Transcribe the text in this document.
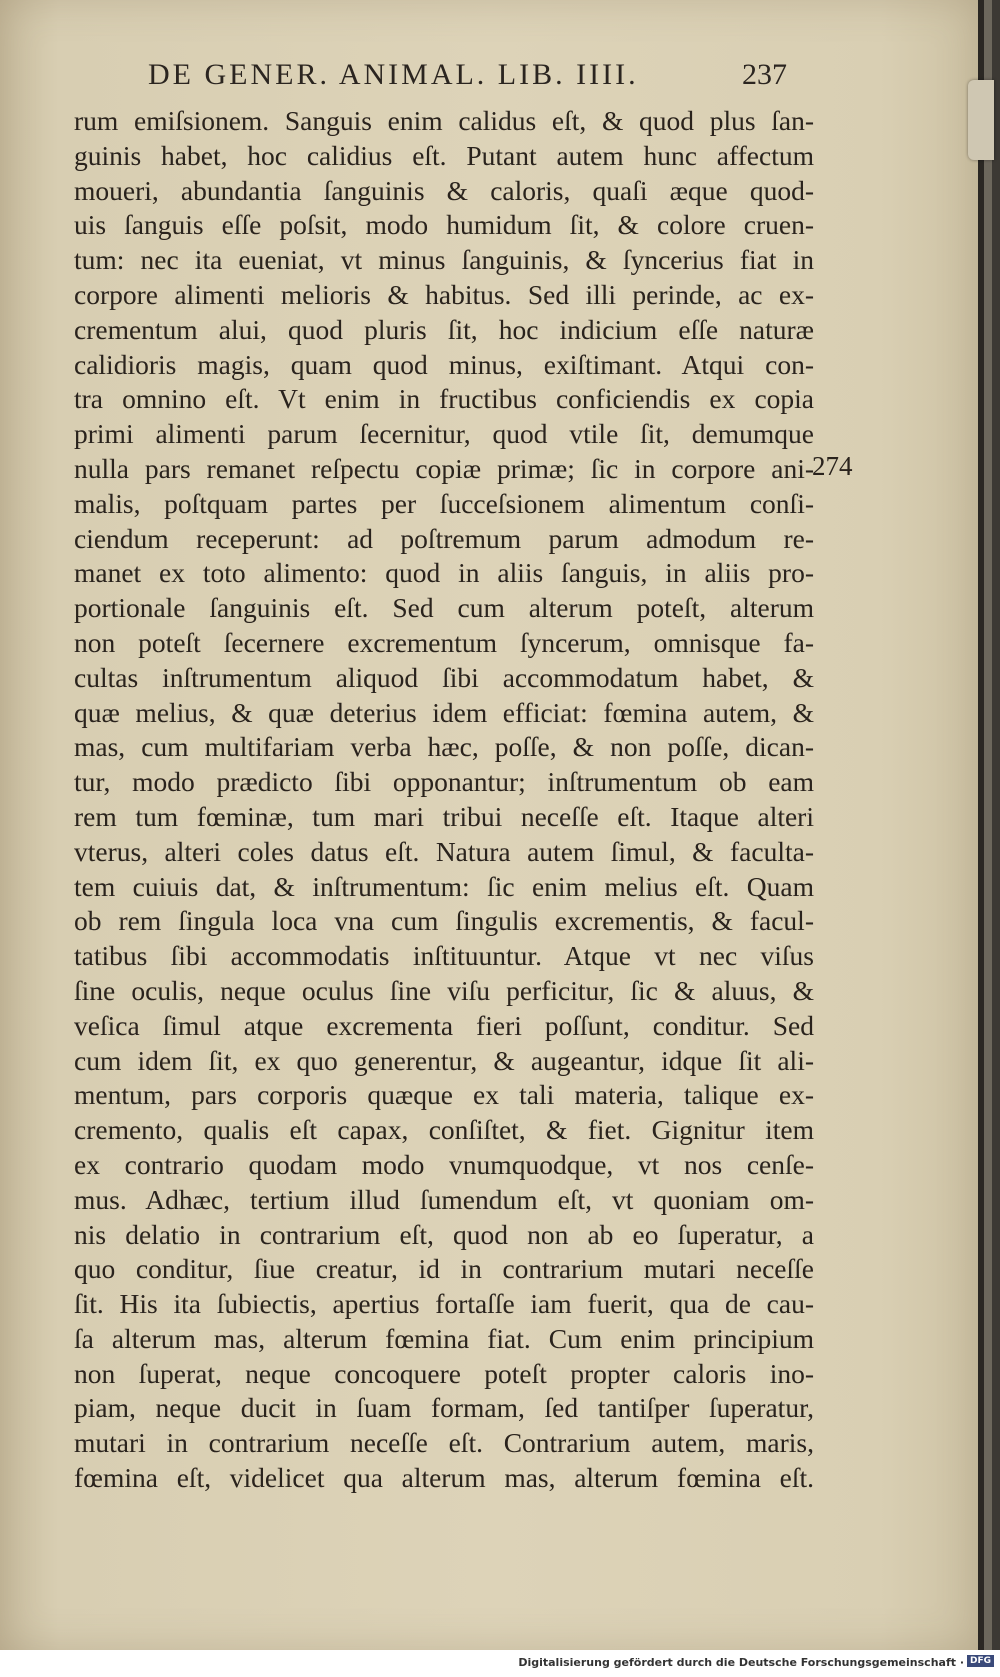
DE GENER. ANIMAL. LIB. IIII.	237
rum emiſsionem. Sanguis enim calidus eſt, & quod plus ſan-
guinis habet, hoc calidius eſt. Putant autem hunc affectum
moueri, abundantia ſanguinis & caloris, quaſi æque quod-
uis ſanguis eſſe poſsit, modo humidum ſit, & colore cruen-
tum: nec ita eueniat, vt minus ſanguinis, & ſyncerius fiat in
corpore alimenti melioris & habitus. Sed illi perinde, ac ex-
crementum alui, quod pluris ſit, hoc indicium eſſe naturæ
calidioris magis, quam quod minus, exiſtimant. Atqui con-
tra omnino eſt. Vt enim in fructibus conficiendis ex copia
primi alimenti parum ſecernitur, quod vtile ſit, demumque
nulla pars remanet reſpectu copiæ primæ; ſic in corpore ani-
malis, poſtquam partes per ſucceſsionem alimentum conſi-
ciendum receperunt: ad poſtremum parum admodum re-
manet ex toto alimento: quod in aliis ſanguis, in aliis pro-
portionale ſanguinis eſt. Sed cum alterum poteſt, alterum
non poteſt ſecernere excrementum ſyncerum, omnisque fa-
cultas inſtrumentum aliquod ſibi accommodatum habet, &
quæ melius, & quæ deterius idem efficiat: fœmina autem, &
mas, cum multifariam verba hæc, poſſe, & non poſſe, dican-
tur, modo prædicto ſibi opponantur; inſtrumentum ob eam
rem tum fœminæ, tum mari tribui neceſſe eſt. Itaque alteri
vterus, alteri coles datus eſt. Natura autem ſimul, & faculta-
tem cuiuis dat, & inſtrumentum: ſic enim melius eſt. Quam
ob rem ſingula loca vna cum ſingulis excrementis, & facul-
tatibus ſibi accommodatis inſtituuntur. Atque vt nec viſus
ſine oculis, neque oculus ſine viſu perficitur, ſic & aluus, &
veſica ſimul atque excrementa fieri poſſunt, conditur. Sed
cum idem ſit, ex quo generentur, & augeantur, idque ſit ali-
mentum, pars corporis quæque ex tali materia, talique ex-
cremento, qualis eſt capax, conſiſtet, & fiet. Gignitur item
ex contrario quodam modo vnumquodque, vt nos cenſe-
mus. Adhæc, tertium illud ſumendum eſt, vt quoniam om-
nis delatio in contrarium eſt, quod non ab eo ſuperatur, a
quo conditur, ſiue creatur, id in contrarium mutari neceſſe
ſit. His ita ſubiectis, apertius fortaſſe iam fuerit, qua de cau-
ſa alterum mas, alterum fœmina fiat. Cum enim principium
non ſuperat, neque concoquere poteſt propter caloris ino-
piam, neque ducit in ſuam formam, ſed tantiſper ſuperatur,
mutari in contrarium neceſſe eſt. Contrarium autem, maris,
fœmina eſt, videlicet qua alterum mas, alterum fœmina eſt.
274
Digitalisierung gefördert durch die Deutsche Forschungsgemeinschaft · DFG
